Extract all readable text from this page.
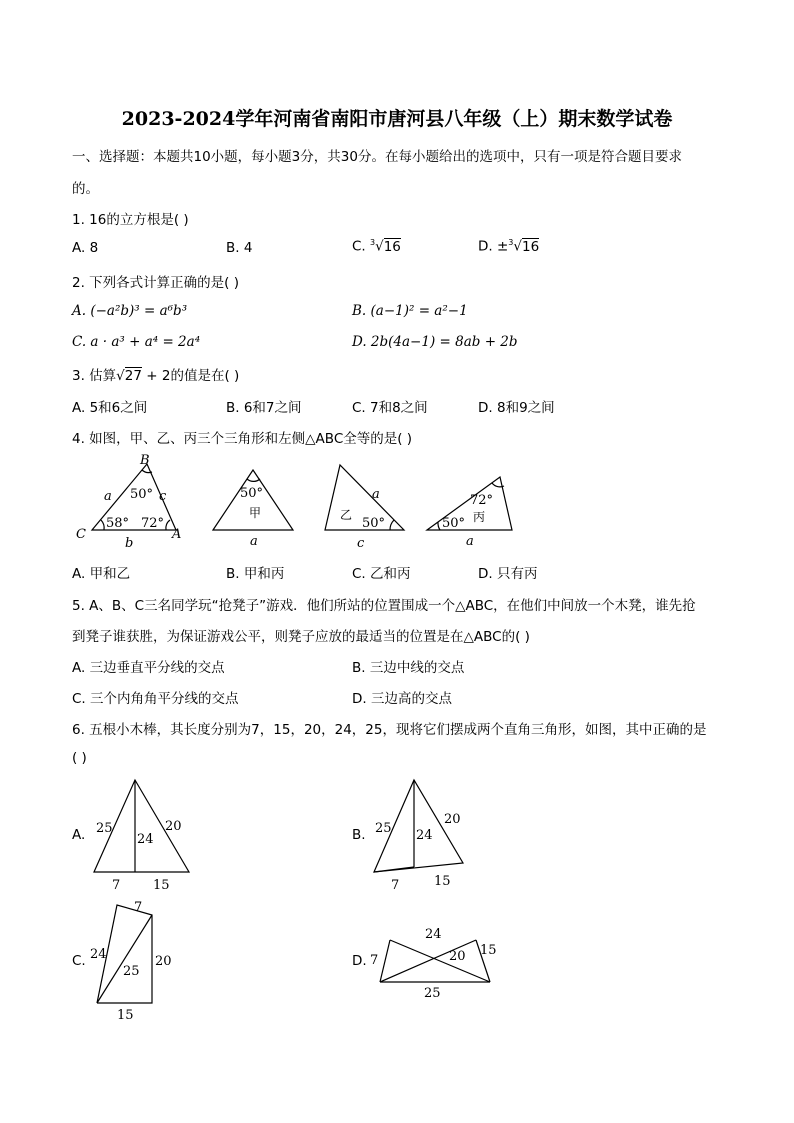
2023-2024学年河南省南阳市唐河县八年级（上）期末数学试卷
一、选择题：本题共10小题，每小题3分，共30分。在每小题给出的选项中，只有一项是符合题目要求
的。
1. 16的立方根是( )
A. 8	B. 4	C. $^3$√16	D. ±$^3$√16
2. 下列各式计算正确的是( )
A. (−a²b)³ = a⁶b³	B. (a−1)² = a²−1
C. a · a³ + a⁴ = 2a⁴	D. 2b(4a−1) = 8ab + 2b
3. 估算√27 + 2的值是在( )
A. 5和6之间	B. 6和7之间	C. 7和8之间	D. 8和9之间
4. 如图，甲、乙、丙三个三角形和左侧△ABC全等的是( )
B
A
C
a	c
b
50°
58° 72°
50°
甲
a
乙
a
50°
c
72°
丙
50°
a
A. 甲和乙	B. 甲和丙	C. 乙和丙	D. 只有丙
5. A、B、C三名同学玩“抢凳子”游戏．他们所站的位置围成一个△ABC，在他们中间放一个木凳，谁先抢
到凳子谁获胜，为保证游戏公平，则凳子应放的最适当的位置是在△ABC的( )
A. 三边垂直平分线的交点	B. 三边中线的交点
C. 三个内角角平分线的交点	D. 三边高的交点
6. 五根小木棒，其长度分别为7，15，20，24，25，现将它们摆成两个直角三角形，如图，其中正确的是
( )
A. 25
24
20
7	15
B. 25 24
20
7	15
C.
7
24
25
20
15
D. 7
24
20 15
25
